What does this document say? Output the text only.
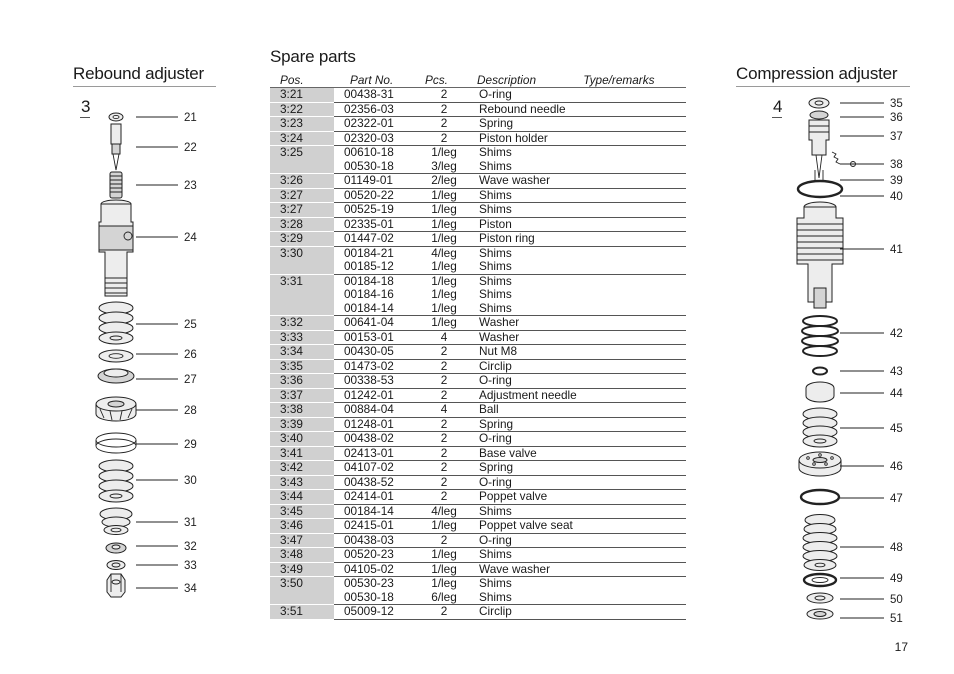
Rebound adjuster
3
21
22
23
24
25
26
27
28
29
30
31
32
33
34
Spare parts
Pos.	Part No.	Pcs.	Description Type/remarks
3:21	00438-31	2	O-ring
3:22	02356-03	2	Rebound needle
3:23	02322-01	2	Spring
3:24	02320-03	2	Piston holder
3:25	00610-18	1/leg	Shims
	00530-18	3/leg	Shims
3:26	01149-01	2/leg	Wave washer
3:27	00520-22	1/leg	Shims
3:27	00525-19	1/leg	Shims
3:28	02335-01	1/leg	Piston
3:29	01447-02	1/leg	Piston ring
3:30	00184-21	4/leg	Shims
	00185-12	1/leg	Shims
3:31	00184-18	1/leg	Shims
	00184-16	1/leg	Shims
	00184-14	1/leg	Shims
3:32	00641-04	1/leg	Washer
3:33	00153-01	4	Washer
3:34	00430-05	2	Nut M8
3:35	01473-02	2	Circlip
3:36	00338-53	2	O-ring
3:37	01242-01	2	Adjustment needle
3:38	00884-04	4	Ball
3:39	01248-01	2	Spring
3:40	00438-02	2	O-ring
3:41	02413-01	2	Base valve
3:42	04107-02	2	Spring
3:43	00438-52	2	O-ring
3:44	02414-01	2	Poppet valve
3:45	00184-14	4/leg	Shims
3:46	02415-01	1/leg	Poppet valve seat
3:47	00438-03	2	O-ring
3:48	00520-23	1/leg	Shims
3:49	04105-02	1/leg	Wave washer
3:50	00530-23	1/leg	Shims
	00530-18	6/leg	Shims
3:51	05009-12	2	Circlip
Compression adjuster
4	35
36
37
38
39
40
41
42
43
44
45
46
47
48
49
50
51
17
